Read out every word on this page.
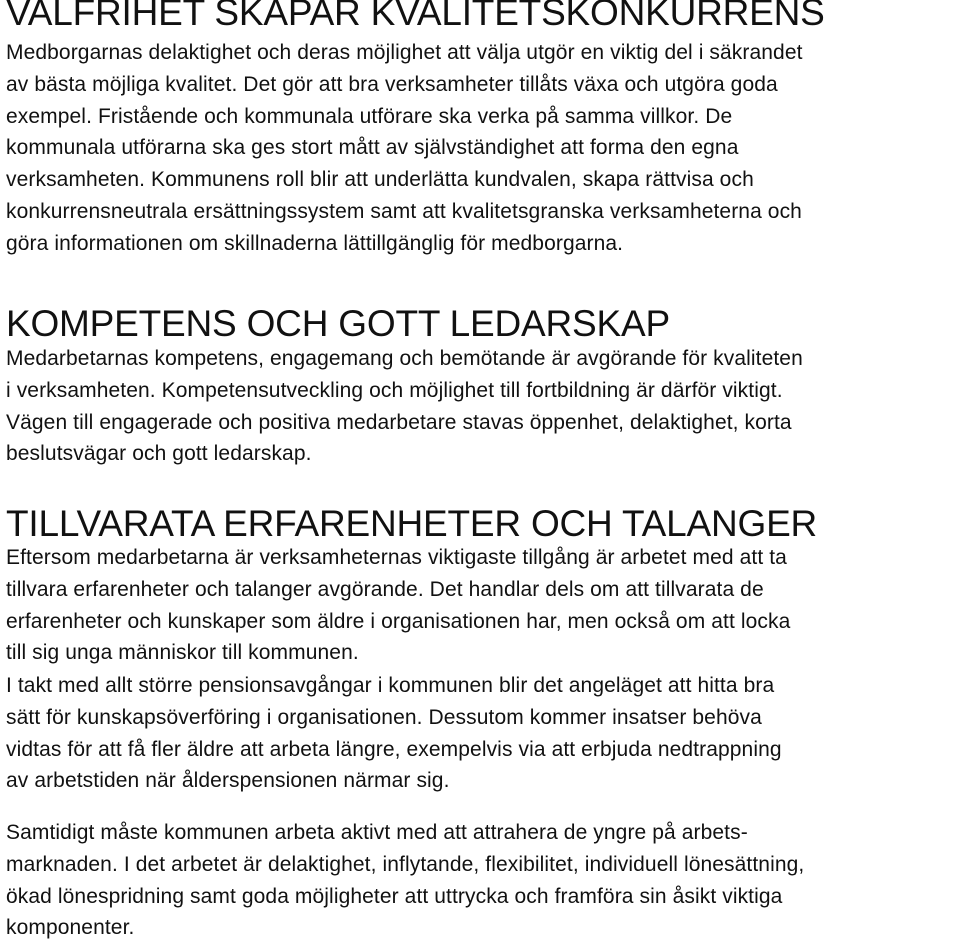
VALFRIHET SKAPAR KVALITETSKONKURRENS
Medborgarnas delaktighet och deras möjlighet att välja utgör en viktig del i säkrandet
av bästa möjliga kvalitet. Det gör att bra verksamheter tillåts växa och utgöra goda
exempel. Fristående och kommunala utförare ska verka på samma villkor. De
kommunala utförarna ska ges stort mått av självständighet att forma den egna
verksamheten. Kommunens roll blir att underlätta kundvalen, skapa rättvisa och
konkurrensneutrala ersättningssystem samt att kvalitetsgranska verksamheterna och
göra informationen om skillnaderna lättillgänglig för medborgarna.
KOMPETENS OCH GOTT LEDARSKAP
Medarbetarnas kompetens, engagemang och bemötande är avgörande för kvaliteten
i verksamheten. Kompetensutveckling och möjlighet till fortbildning är därför viktigt.
Vägen till engagerade och positiva medarbetare stavas öppenhet, delaktighet, korta
beslutsvägar och gott ledarskap.
TILLVARATA ERFARENHETER OCH TALANGER
Eftersom medarbetarna är verksamheternas viktigaste tillgång är arbetet med att ta
tillvara erfarenheter och talanger avgörande. Det handlar dels om att tillvarata de
erfarenheter och kunskaper som äldre i organisationen har, men också om att locka
till sig unga människor till kommunen.
I takt med allt större pensionsavgångar i kommunen blir det angeläget att hitta bra
sätt för kunskapsöverföring i organisationen. Dessutom kommer insatser behöva
vidtas för att få fler äldre att arbeta längre, exempelvis via att erbjuda nedtrappning
av arbetstiden när ålderspensionen närmar sig.
Samtidigt måste kommunen arbeta aktivt med att attrahera de yngre på arbets-
marknaden. I det arbetet är delaktighet, inflytande, flexibilitet, individuell lönesättning,
ökad lönespridning samt goda möjligheter att uttrycka och framföra sin åsikt viktiga
komponenter.
